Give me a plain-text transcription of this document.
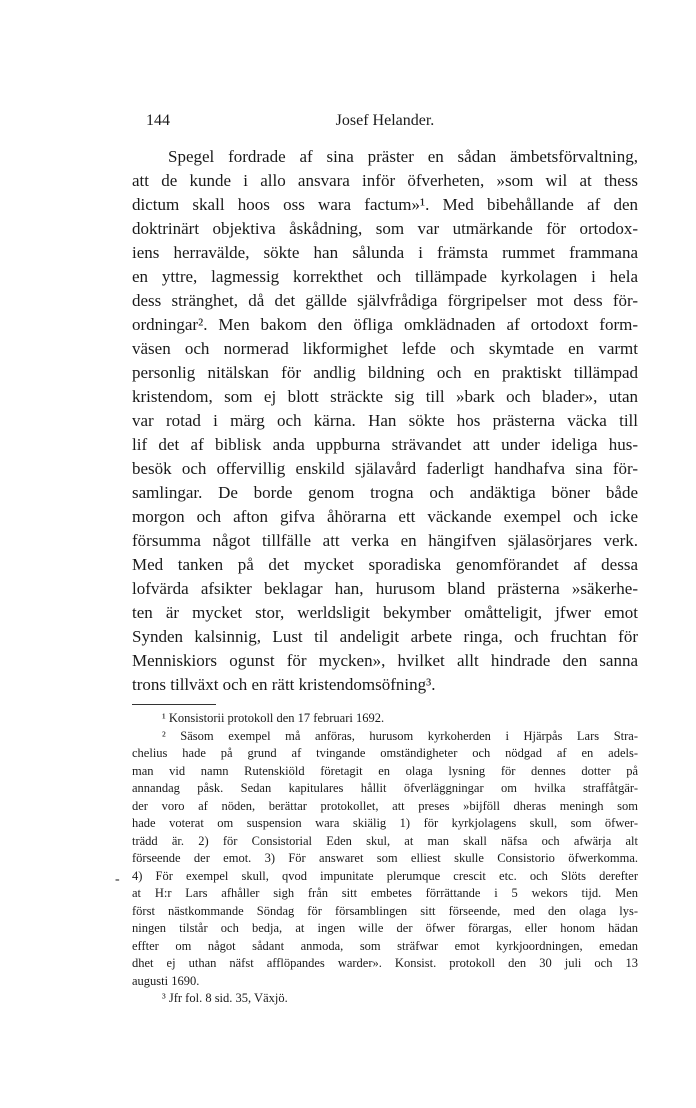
144	Josef Helander.
Spegel fordrade af sina präster en sådan ämbetsförvaltning,
att de kunde i allo ansvara inför öfverheten, »som wil at thess
dictum skall hoos oss wara factum»¹. Med bibehållande af den
doktrinärt objektiva åskådning, som var utmärkande för ortodox-
iens herravälde, sökte han sålunda i främsta rummet frammana
en yttre, lagmessig korrekthet och tillämpade kyrkolagen i hela
dess stränghet, då det gällde självfrådiga förgripelser mot dess för-
ordningar². Men bakom den öfliga omklädnaden af ortodoxt form-
väsen och normerad likformighet lefde och skymtade en varmt
personlig nitälskan för andlig bildning och en praktiskt tillämpad
kristendom, som ej blott sträckte sig till »bark och blader», utan
var rotad i märg och kärna. Han sökte hos prästerna väcka till
lif det af biblisk anda uppburna strävandet att under ideliga hus-
besök och offervillig enskild själavård faderligt handhafva sina för-
samlingar. De borde genom trogna och andäktiga böner både
morgon och afton gifva åhörarna ett väckande exempel och icke
försumma något tillfälle att verka en hängifven själasörjares verk.
Med tanken på det mycket sporadiska genomförandet af dessa
lofvärda afsikter beklagar han, hurusom bland prästerna »säkerhe-
ten är mycket stor, werldsligit bekymber omåtteligit, jfwer emot
Synden kalsinnig, Lust til andeligit arbete ringa, och fruchtan för
Menniskiors ogunst för mycken», hvilket allt hindrade den sanna
trons tillväxt och en rätt kristendomsöfning³.
¹ Konsistorii protokoll den 17 februari 1692.
² Säsom exempel må anföras, hurusom kyrkoherden i Hjärpås Lars Stra-
chelius hade på grund af tvingande omständigheter och nödgad af en adels-
man vid namn Rutenskiöld företagit en olaga lysning för dennes dotter på
annandag påsk. Sedan kapitulares hållit öfverläggningar om hvilka straffåtgär-
der voro af nöden, berättar protokollet, att preses »bijföll dheras meningh som
hade voterat om suspension wara skiälig 1) för kyrkjolagens skull, som öfwer-
trädd är. 2) för Consistorial Eden skul, at man skall näfsa och afwärja alt
förseende der emot. 3) För answaret som elliest skulle Consistorio öfwerkomma.
4) För exempel skull, qvod impunitate plerumque crescit etc. och Slöts derefter
at H:r Lars afhåller sigh från sitt embetes förrättande i 5 wekors tijd. Men
först nästkommande Söndag för församblingen sitt förseende, med den olaga lys-
ningen tilstår och bedja, at ingen wille der öfwer förargas, eller honom hädan
effter om något sådant anmoda, som sträfwar emot kyrkjoordningen, emedan
dhet ej uthan näfst afflöpandes warder». Konsist. protokoll den 30 juli och 13
augusti 1690.
³ Jfr fol. 8 sid. 35, Växjö.
-
